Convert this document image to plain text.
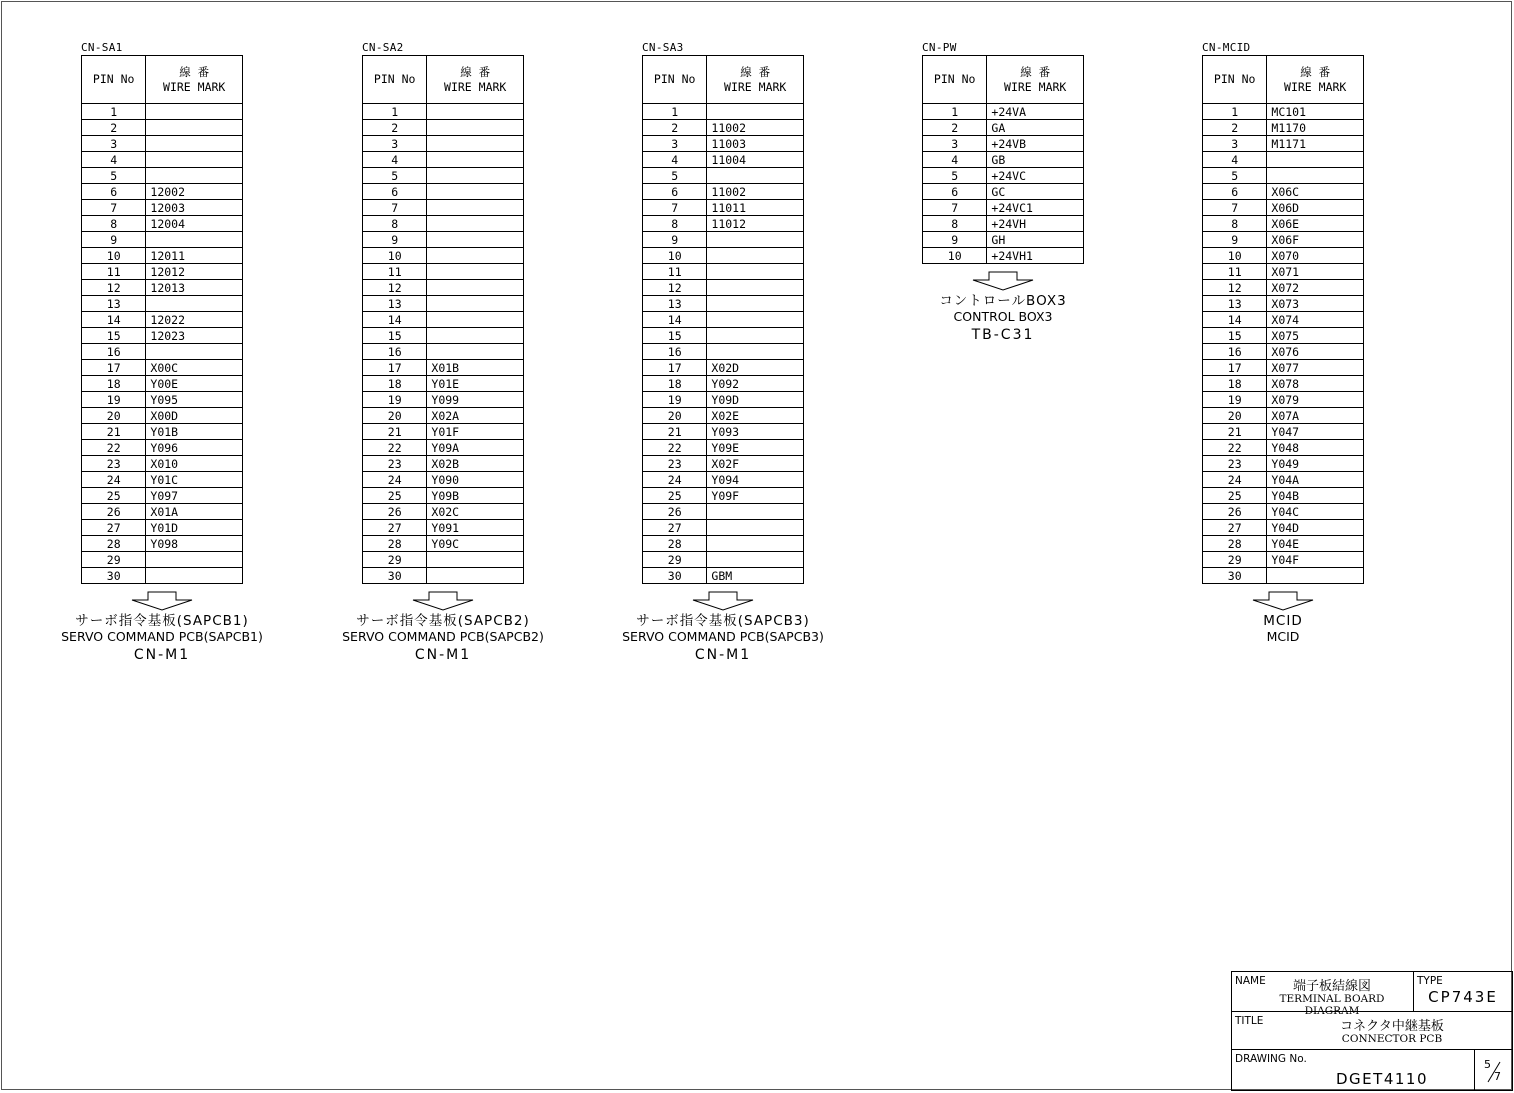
CN-SA1
PIN No	線 番
WIRE MARK

1	
2	
3	
4	
5	
6	12002
7	12003
8	12004
9	
10	12011
11	12012
12	12013
13	
14	12022
15	12023
16	
17	X00C
18	Y00E
19	Y095
20	X00D
21	Y01B
22	Y096
23	X010
24	Y01C
25	Y097
26	X01A
27	Y01D
28	Y098
29	
30	
サーボ指令基板(SAPCB1)
SERVO COMMAND PCB(SAPCB1)
CN-M1
CN-SA2
PIN No	線 番
WIRE MARK

1	
2	
3	
4	
5	
6	
7	
8	
9	
10	
11	
12	
13	
14	
15	
16	
17	X01B
18	Y01E
19	Y099
20	X02A
21	Y01F
22	Y09A
23	X02B
24	Y090
25	Y09B
26	X02C
27	Y091
28	Y09C
29	
30	
サーボ指令基板(SAPCB2)
SERVO COMMAND PCB(SAPCB2)
CN-M1
CN-SA3
PIN No	線 番
WIRE MARK

1	
2	11002
3	11003
4	11004
5	
6	11002
7	11011
8	11012
9	
10	
11	
12	
13	
14	
15	
16	
17	X02D
18	Y092
19	Y09D
20	X02E
21	Y093
22	Y09E
23	X02F
24	Y094
25	Y09F
26	
27	
28	
29	
30	GBM
サーボ指令基板(SAPCB3)
SERVO COMMAND PCB(SAPCB3)
CN-M1
CN-PW
PIN No	線 番
WIRE MARK

1	+24VA
2	GA
3	+24VB
4	GB
5	+24VC
6	GC
7	+24VC1
8	+24VH
9	GH
10	+24VH1
コントロールBOX3
CONTROL BOX3
TB-C31
CN-MCID
PIN No	線 番
WIRE MARK

1	MC101
2	M1170
3	M1171
4	
5	
6	X06C
7	X06D
8	X06E
9	X06F
10	X070
11	X071
12	X072
13	X073
14	X074
15	X075
16	X076
17	X077
18	X078
19	X079
20	X07A
21	Y047
22	Y048
23	Y049
24	Y04A
25	Y04B
26	Y04C
27	Y04D
28	Y04E
29	Y04F
30	
MCID
MCID
NAME	端子板結線図
TERMINAL BOARD DIAGRAM
TYPE
CP743E
TITLE	コネクタ中継基板
CONNECTOR PCB
DRAWING No.
DGET4110
5
7
